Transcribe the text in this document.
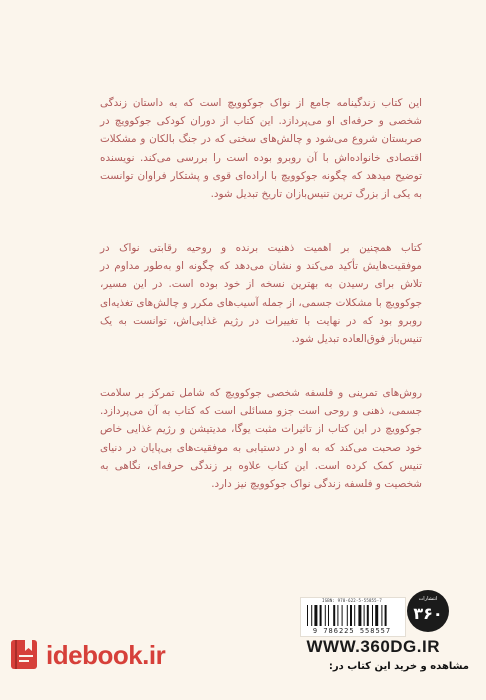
این کتاب زندگینامه جامع از نواک جوکوویچ است که به داستان زندگی شخصی و حرفه‌ای او می‌پردازد. این کتاب از دوران کودکی جوکوویچ در صربستان شروع می‌شود و چالش‌های سختی که در جنگ بالکان و مشکلات اقتصادی خانواده‌اش با آن روبرو بوده است را بررسی می‌کند. نویسنده توضیح میدهد که چگونه جوکوویچ با اراده‌ای قوی و پشتکار فراوان توانست به یکی از بزرگ ترین تنیس‌بازان تاریخ تبدیل شود.
کتاب همچنین بر اهمیت ذهنیت برنده و روحیه رقابتی نواک در موفقیت‌هایش تأکید می‌کند و نشان می‌دهد که چگونه او به‌طور مداوم در تلاش برای رسیدن به بهترین نسخه از خود بوده است. در این مسیر، جوکوویچ با مشکلات جسمی، از جمله آسیب‌های مکرر و چالش‌های تغذیه‌ای روبرو بود که در نهایت با تغییرات در رژیم غذایی‌اش، توانست به یک تنیس‌باز فوق‌العاده تبدیل شود.
روش‌های تمرینی و فلسفه شخصی جوکوویچ که شامل تمرکز بر سلامت جسمی، ذهنی و روحی است جزو مسائلی است که کتاب به آن می‌پردازد. جوکوویچ در این کتاب از تاثیرات مثبت یوگا، مدیتیشن و رژیم غذایی خاص خود صحبت می‌کند که به او در دستیابی به موفقیت‌های بی‌پایان در دنیای تنیس کمک کرده است. این کتاب علاوه بر زندگی حرفه‌ای، نگاهی به شخصیت و فلسفه زندگی نواک جوکوویچ نیز دارد.
ISBN: 978-622-5-55855-7
9 786225 558557
انتشارات
۳۶۰
WWW.360DG.IR
idebook.ir	مشاهده و خرید این کتاب در:
